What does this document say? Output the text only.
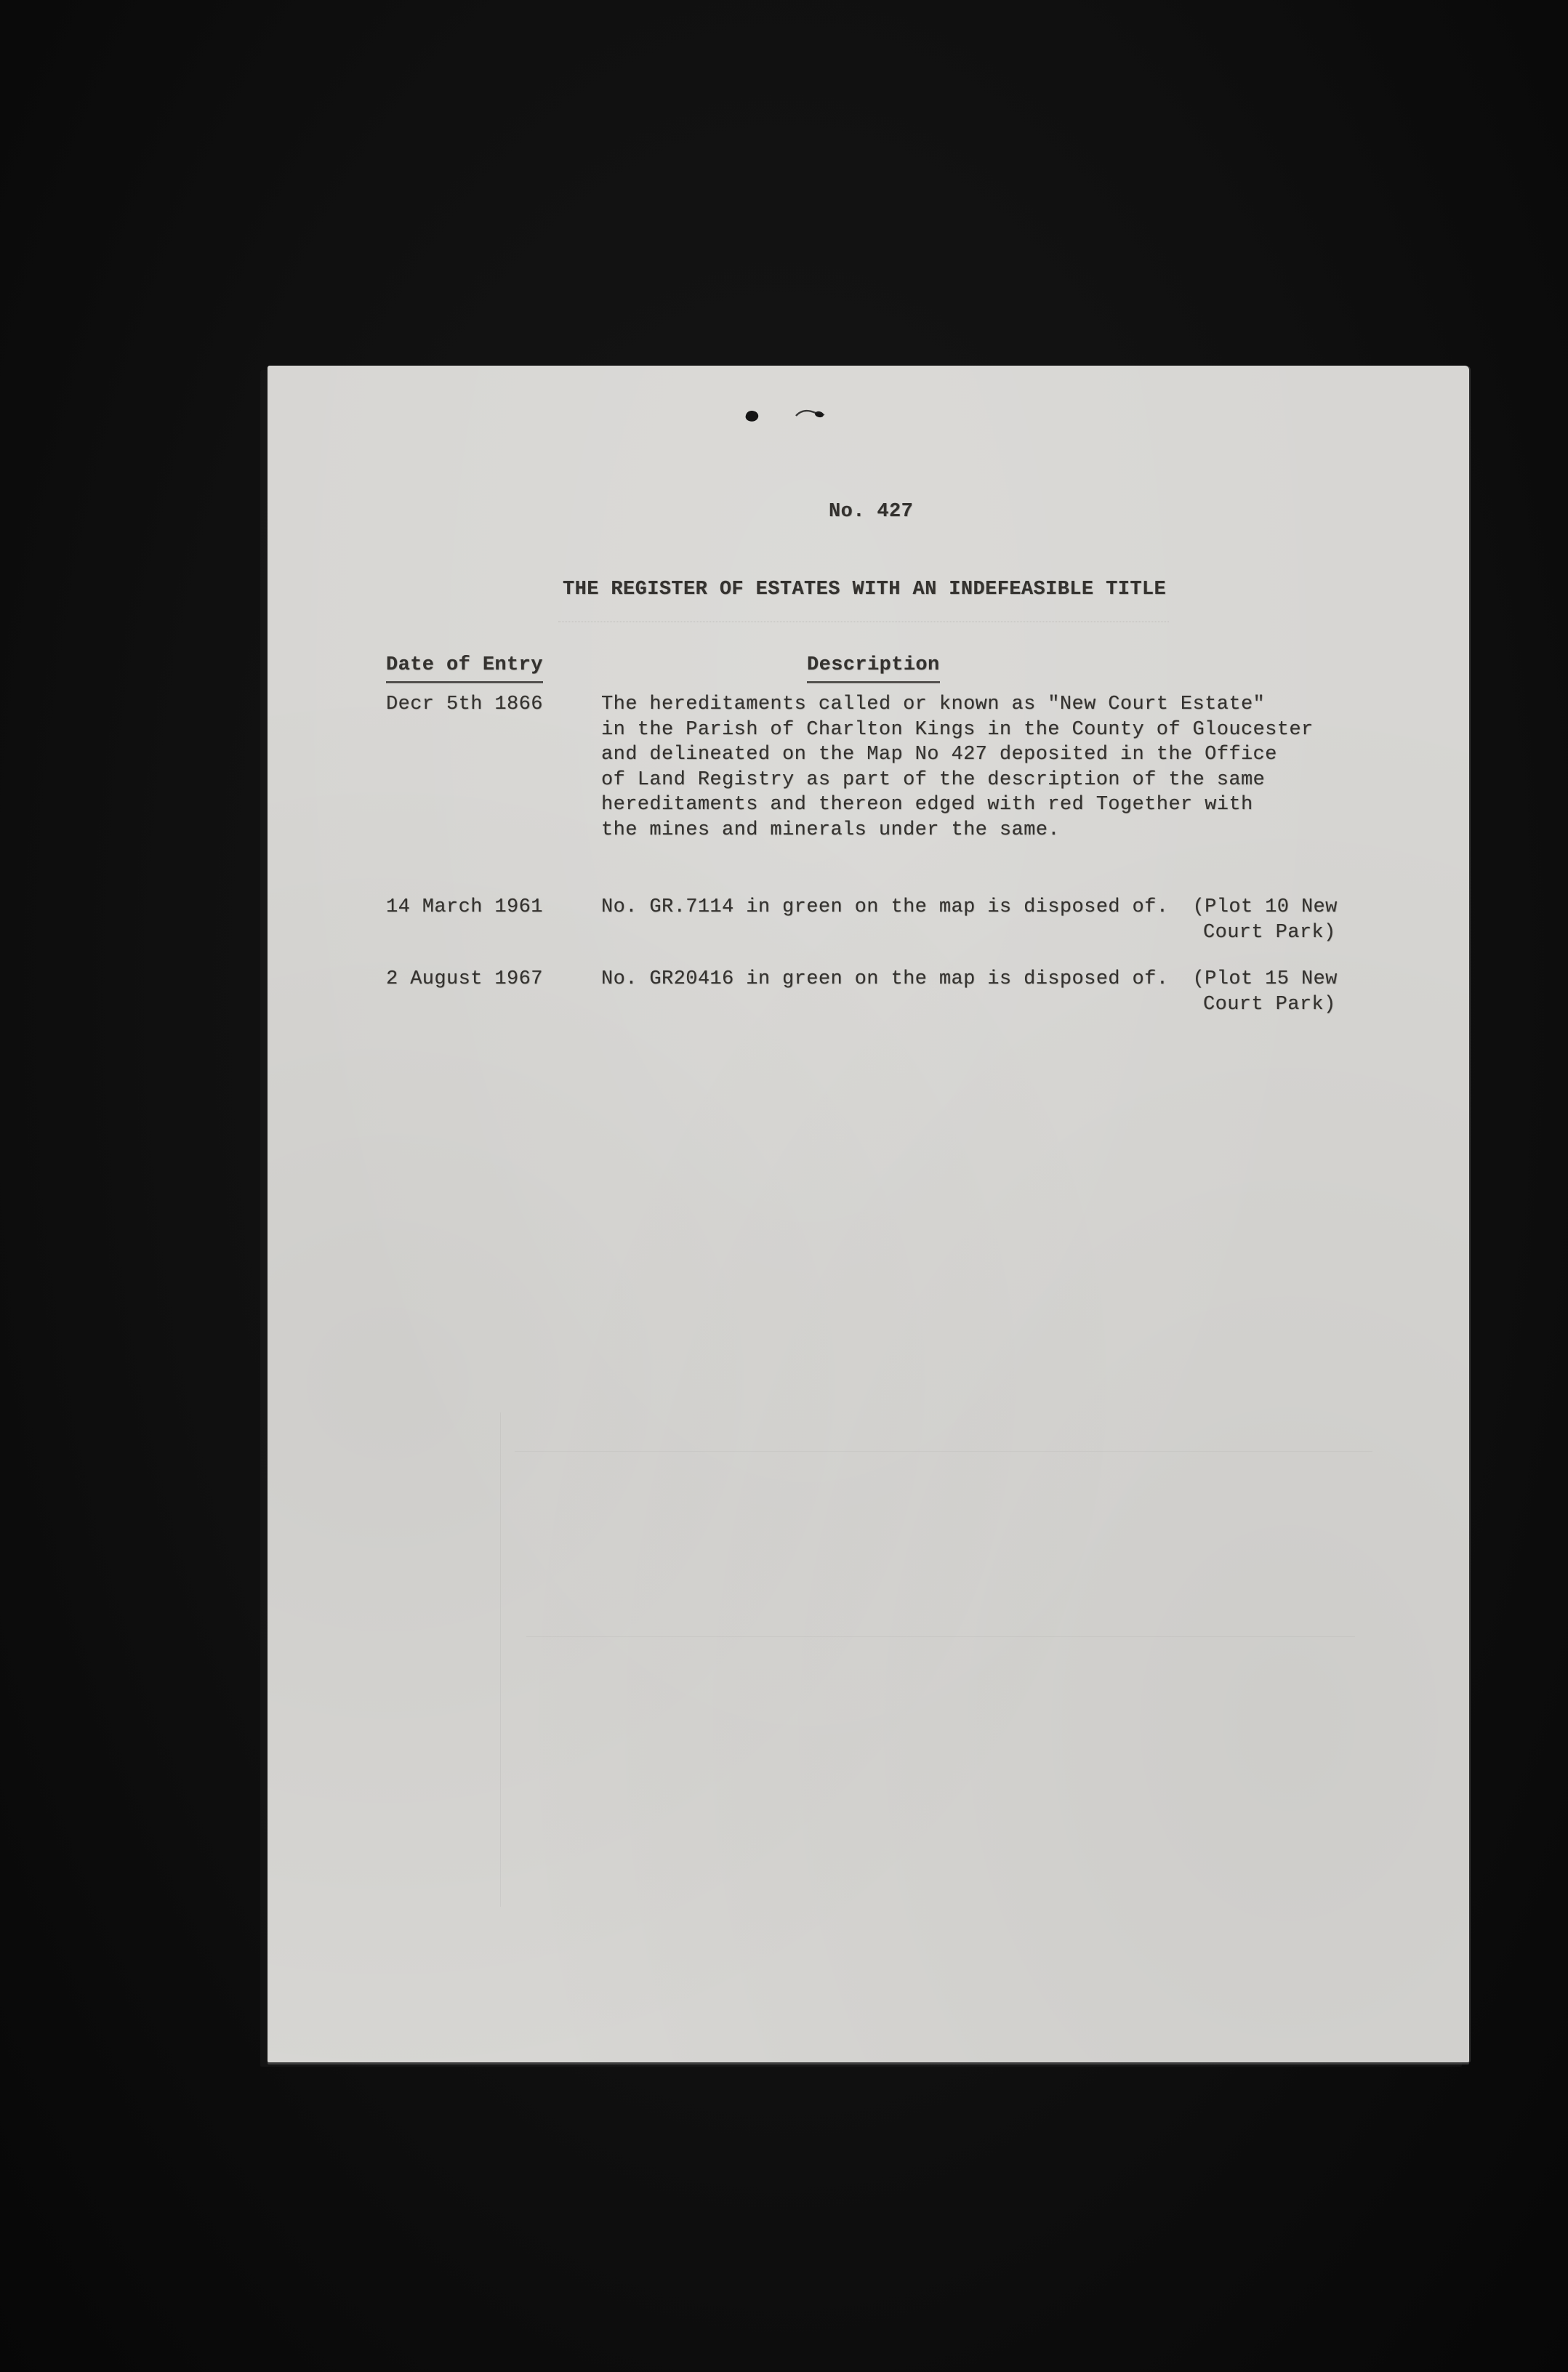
No. 427
THE REGISTER OF ESTATES WITH AN INDEFEASIBLE TITLE
Date of Entry	Description
Decr 5th 1866	The hereditaments called or known as "New Court Estate"
in the Parish of Charlton Kings in the County of Gloucester
and delineated on the Map No 427 deposited in the Office
of Land Registry as part of the description of the same
hereditaments and thereon edged with red Together with
the mines and minerals under the same.
14 March 1961	No. GR.7114 in green on the map is disposed of.  (Plot 10 New
Court Park)
2 August 1967	No. GR20416 in green on the map is disposed of.  (Plot 15 New
Court Park)
